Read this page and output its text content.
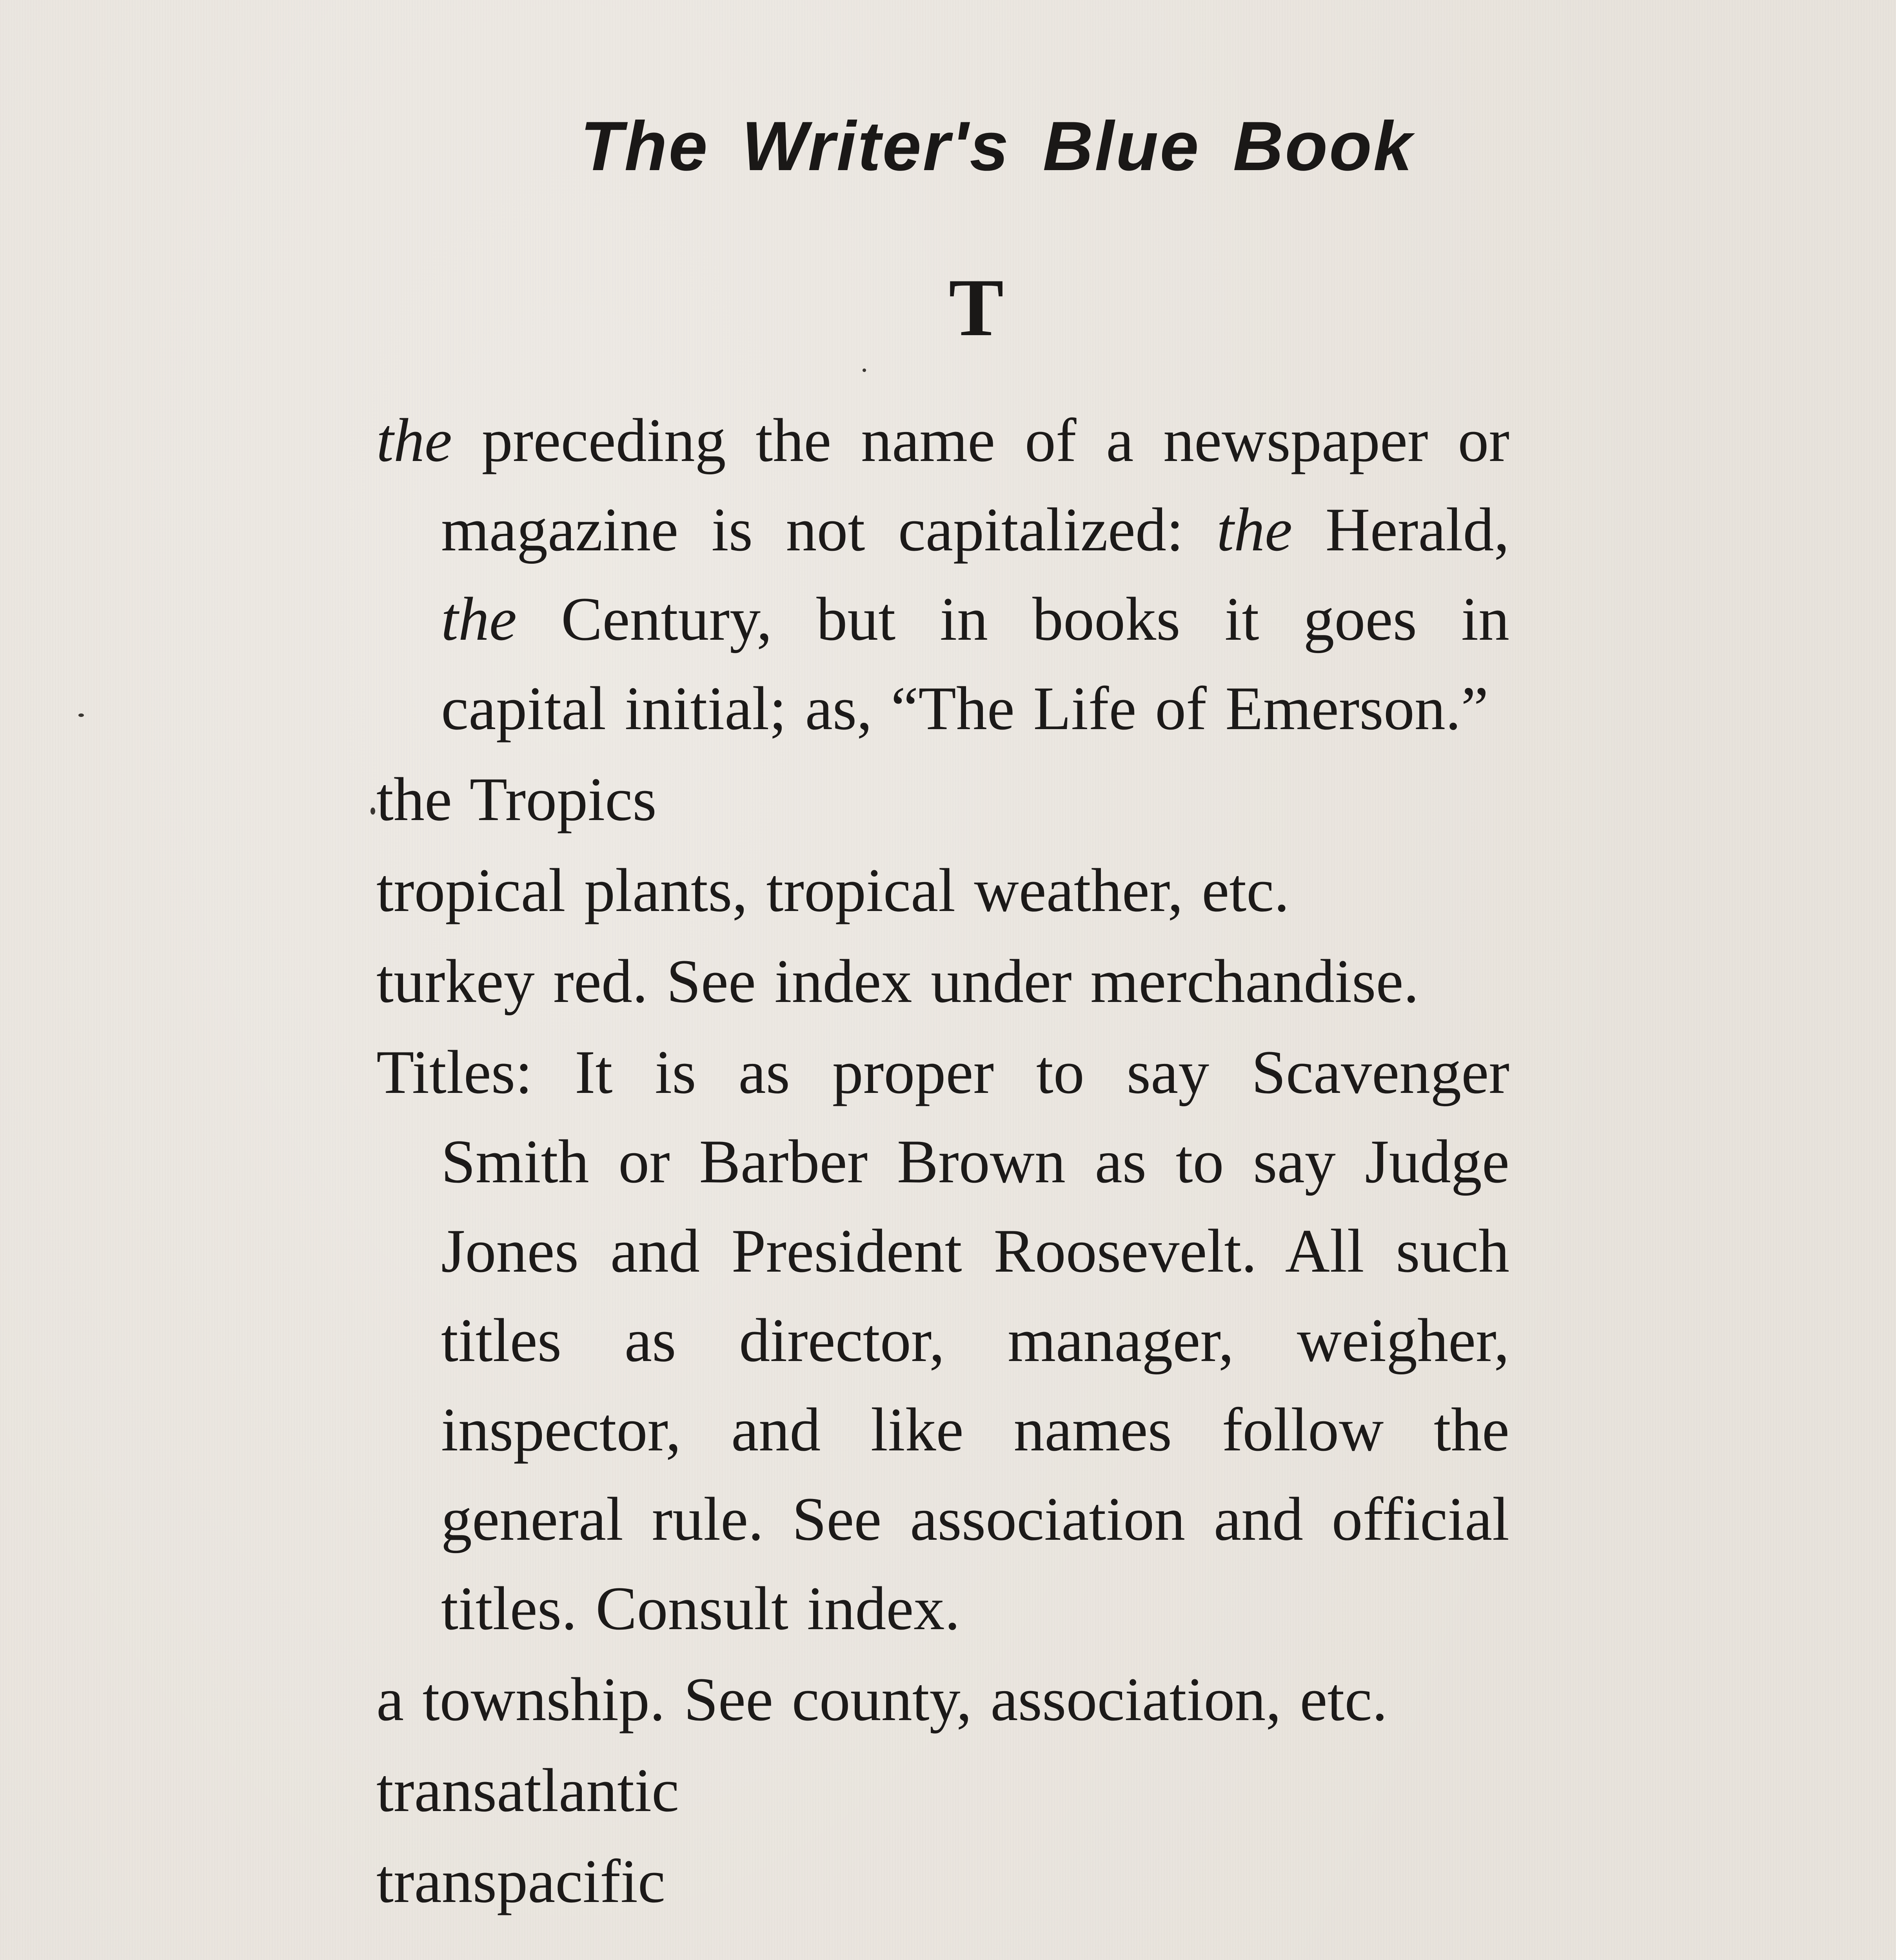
The Writer's Blue Book
T

the preceding the name of a newspaper or magazine is not capitalized: the Herald, the Century, but in books it goes in capital initial; as, “The Life of Emerson.”

the Tropics

tropical plants, tropical weather, etc.

turkey red. See index under merchandise.

Titles: It is as proper to say Scavenger Smith or Barber Brown as to say Judge Jones and President Roosevelt. All such titles as director, manager, weigher, inspector, and like names follow the general rule. See association and official titles. Consult index.

a township. See county, association, etc.

transatlantic

transpacific
